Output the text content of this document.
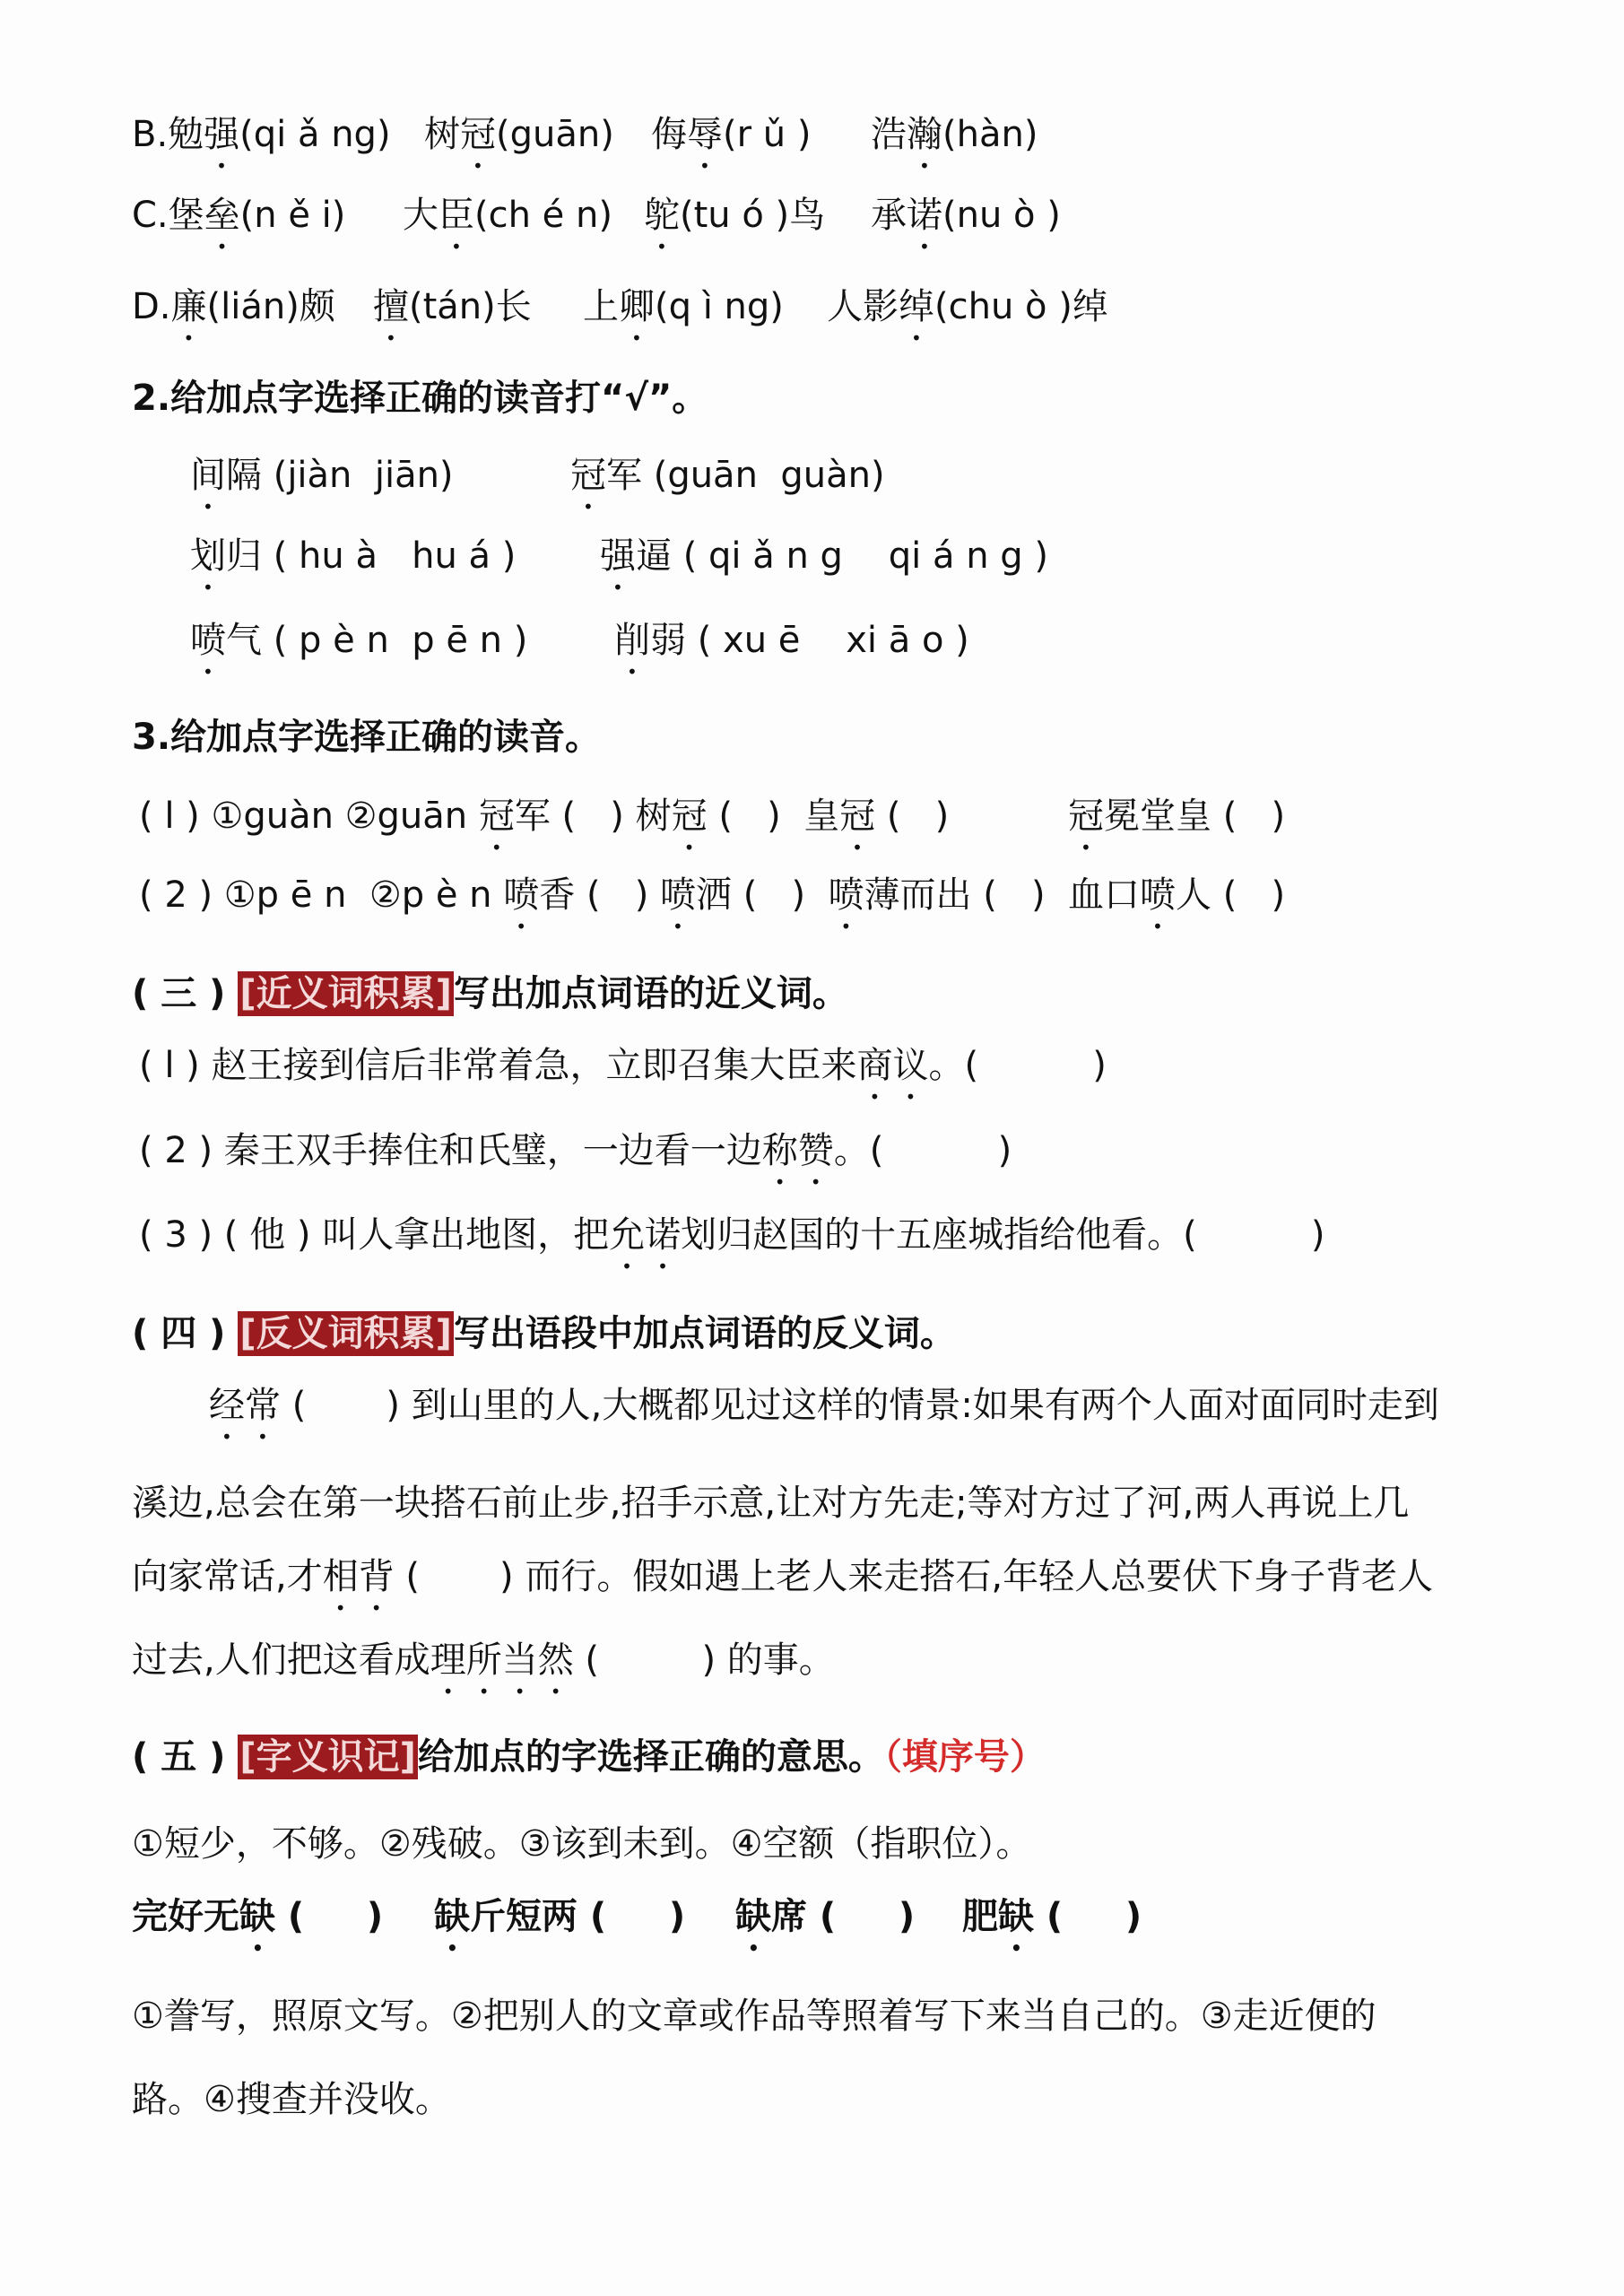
B.勉强(qi ǎ ng) 树冠(guān) 侮辱(r ǔ ) 浩瀚(hàn)
C.堡垒(n ě i) 大臣(ch é n) 鸵(tu ó )鸟 承诺(nu ò )
D.廉(lián)颇 擅(tán)长 上卿(q ì ng) 人影绰(chu ò )绰
2.给加点字选择正确的读音打“√”。
间隔 (jiàn  jiān)	冠军 (guān  guàn)
划归 ( hu à   hu á ) 强逼 ( qi ǎ n g    qi á n g )
喷气 ( p è n  p ē n ) 削弱 ( xu ē    xi ā o )
3.给加点字选择正确的读音。
( l ) ①guàn ②guān 冠军 (   ) 树冠 (   )  皇冠 (   )	冠冕堂皇 (   )
( 2 ) ①p ē n  ②p è n 喷香 (   ) 喷洒 (   )  喷薄而出 (   )  血口喷人 (   )
( 三 ) [近义词积累]写出加点词语的近义词。
( l ) 赵王接到信后非常着急，立即召集大臣来商议。(          )
( 2 ) 秦王双手捧住和氏璧，一边看一边称赞。(          )
( 3 ) ( 他 ) 叫人拿出地图，把允诺划归赵国的十五座城指给他看。(          )
( 四 ) [反义词积累]写出语段中加点词语的反义词。
经常 (       ) 到山里的人,大概都见过这样的情景:如果有两个人面对面同时走到
溪边,总会在第一块搭石前止步,招手示意,让对方先走;等对方过了河,两人再说上几
向家常话,才相背 (       ) 而行。假如遇上老人来走搭石,年轻人总要伏下身子背老人
过去,人们把这看成理所当然 (         ) 的事。
( 五 ) [字义识记]给加点的字选择正确的意思。（填序号）
①短少，不够。②残破。③该到未到。④空额（指职位）。
完好无缺 (     ) 缺斤短两 (     ) 缺席 (     ) 肥缺 (     )
①誊写，照原文写。②把别人的文章或作品等照着写下来当自己的。③走近便的
路。④搜查并没收。
